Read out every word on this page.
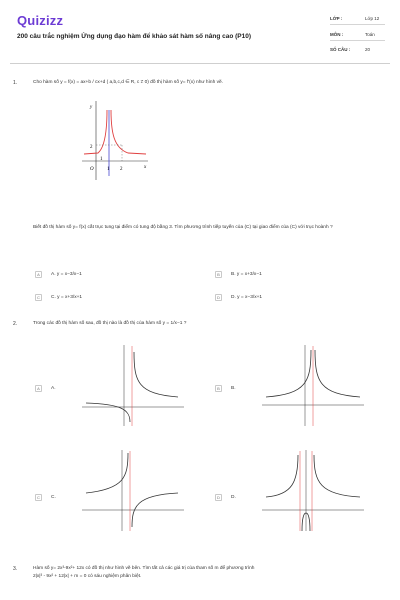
Quizizz
200 câu trắc nghiệm Ứng dụng đạo hàm để khảo sát hàm số nâng cao (P10)
LỚP :	Lớp 12
MÔN :	Toán
SỐ CÂU :	20
1.	Cho hàm số y = f(x) = ax+b / cx+d ( a,b,c,d ∈ R, c ≠ 0) đồ thị hàm số y= f'(x) như hình vẽ.
y
x
O
2
1
1 2
Biết đồ thị hàm số y= f(x) cắt trục tung tại điểm có tung độ bằng 3. Tìm phương trình tiếp tuyến của (C) tại giao điểm của (C) với trục hoành ?
A	A. y = x−3/x−1	B	B. y = x+3/x−1
C	C. y = x+3/x+1	D	D. y = x−3/x+1
2.	Trong các đồ thị hàm số sau, đồ thị nào là đồ thị của hàm số y = 1/x−1 ?
A	A.	B	B.
C	C.	D	D.
3.	Hàm số y= 2x³-9x²+ 12x có đồ thị như hình vẽ bên. Tìm tất cả các giá trị của tham số m để phương trình
2|x|³ - 9x² + 12|x| + m = 0 có sáu nghiệm phân biệt.
